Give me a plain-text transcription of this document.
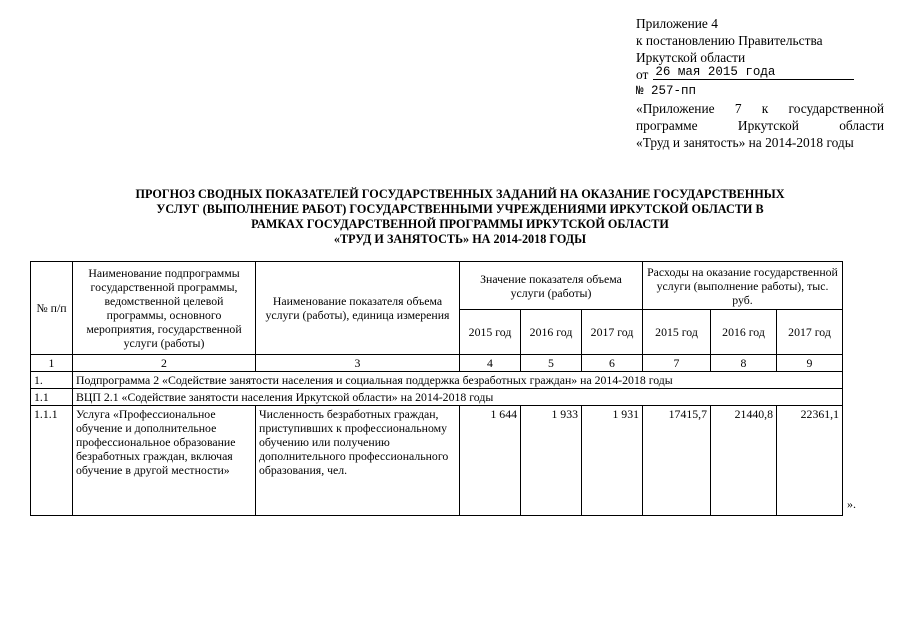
Приложение 4
к постановлению Правительства
Иркутской области
от 26 мая 2015 года
№ 257-пп
«Приложение 7 к государственной
программе Иркутской области
«Труд и занятость» на 2014-2018 годы
ПРОГНОЗ СВОДНЫХ ПОКАЗАТЕЛЕЙ ГОСУДАРСТВЕННЫХ ЗАДАНИЙ НА ОКАЗАНИЕ ГОСУДАРСТВЕННЫХ
УСЛУГ (ВЫПОЛНЕНИЕ РАБОТ) ГОСУДАРСТВЕННЫМИ УЧРЕЖДЕНИЯМИ ИРКУТСКОЙ ОБЛАСТИ В
РАМКАХ ГОСУДАРСТВЕННОЙ ПРОГРАММЫ ИРКУТСКОЙ ОБЛАСТИ
«ТРУД И ЗАНЯТОСТЬ» НА 2014-2018 ГОДЫ
№ п/п	Наименование подпрограммы государственной программы, ведомственной целевой программы, основного мероприятия, государственной услуги (работы)	Наименование показателя объема услуги (работы), единица измерения	Значение показателя объема услуги (работы)			Расходы на оказание государственной услуги (выполнение работы), тыс. руб.		
			2015 год	2016 год	2017 год	2015 год	2016 год	2017 год
1	2	3	4	5	6	7	8	9
1.	Подпрограмма 2 «Содействие занятости населения и социальная поддержка безработных граждан» на 2014-2018 годы							
1.1	ВЦП 2.1 «Содействие занятости населения Иркутской области» на 2014-2018 годы							
1.1.1	Услуга «Профессиональное обучение и дополнительное профессиональное образование безработных граждан, включая обучение в другой местности»	Численность безработных граждан, приступивших к профессиональному обучению или получению дополнительного профессионального образования, чел.	1 644	1 933	1 931	17415,7	21440,8	22361,1
».
